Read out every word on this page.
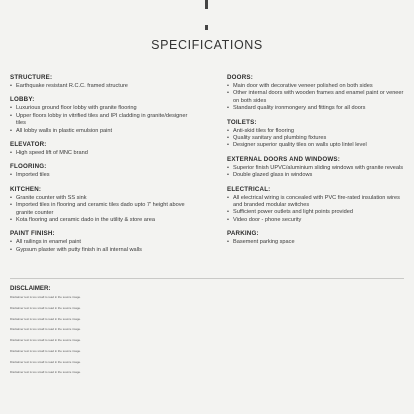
SPECIFICATIONS
STRUCTURE:
• Earthquake resistant R.C.C. framed structure
LOBBY:
• Luxurious ground floor lobby with granite flooring
• Upper floors lobby in vitrified tiles and IPI cladding in granite/designer tiles
• All lobby walls in plastic emulsion paint
ELEVATOR:
• High speed lift of MNC brand
FLOORING:
• Imported tiles
KITCHEN:
• Granite counter with SS sink
• Imported tiles in flooring and ceramic tiles dado upto 7' height above granite counter
• Kota flooring and ceramic dado in the utility & store area
PAINT FINISH:
• All railings in enamel paint
• Gypsum plaster with putty finish in all internal walls
DOORS:
• Main door with decorative veneer polished on both sides
• Other internal doors with wooden frames and enamel paint or veneer on both sides
• Standard quality ironmongery and fittings for all doors
TOILETS:
• Anti-skid tiles for flooring
• Quality sanitary and plumbing fixtures
• Designer superior quality tiles on walls upto lintel level
EXTERNAL DOORS AND WINDOWS:
• Superior finish UPVC/aluminium sliding windows with granite reveals
• Double glazed glass in windows
ELECTRICAL:
• All electrical wiring is concealed with PVC fire-rated insulation wires and branded modular switches
• Sufficient power outlets and light points provided
• Video door - phone security
PARKING:
• Basement parking space
DISCLAIMER:
Disclaimer text is too small to read in the source image.
Disclaimer text is too small to read in the source image.
Disclaimer text is too small to read in the source image.
Disclaimer text is too small to read in the source image.
Disclaimer text is too small to read in the source image.
Disclaimer text is too small to read in the source image.
Disclaimer text is too small to read in the source image.
Disclaimer text is too small to read in the source image.
